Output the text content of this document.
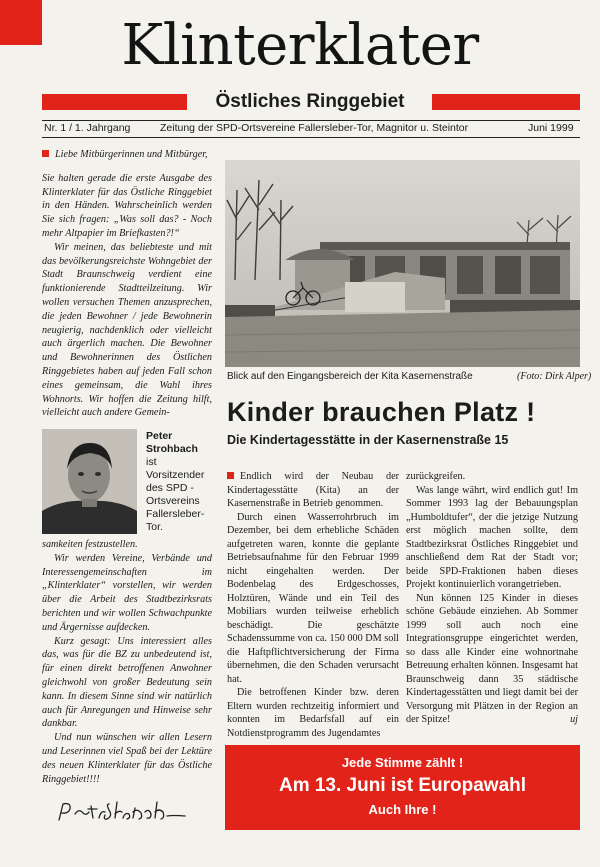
Klinterklater
Östliches Ringgebiet
Nr. 1 / 1. Jahrgang	Zeitung der SPD-Ortsvereine Fallersleber-Tor, Magnitor u. Steintor	Juni 1999

Liebe Mitbürgerinnen und Mitbürger,

Sie halten gerade die erste Ausgabe des Klinterklater für das Östliche Ringgebiet in den Händen. Wahrscheinlich werden Sie sich fragen: „Was soll das? - Noch mehr Altpapier im Briefkasten?!“

Wir meinen, das beliebteste und mit das bevölkerungsreichste Wohngebiet der Stadt Braunschweig verdient eine funktionierende Stadtteilzeitung. Wir wollen versuchen Themen anzusprechen, die jeden Bewohner / jede Bewohnerin neugierig, nachdenklich oder vielleicht auch ärgerlich machen. Die Bewohner und Bewohnerinnen des Östlichen Ringgebietes haben auf jeden Fall schon eines gemeinsam, die Wahl ihres Wohnorts. Wir hoffen die Zeitung hilft, vielleicht auch andere Gemein-

Peter Strohbach
ist Vorsitzender des SPD - Ortsvereins Fallersleber-Tor.

samkeiten festzustellen.

Wir werden Vereine, Verbände und Interessengemeinschaften im „Klinterklater“ vorstellen, wir werden über die Arbeit des Stadtbezirksrats berichten und wir wollen Schwachpunkte und Ärgernisse aufdecken.

Kurz gesagt: Uns interessiert alles das, was für die BZ zu unbedeutend ist, für einen direkt betroffenen Anwohner gleichwohl von großer Bedeutung sein kann. In diesem Sinne sind wir natürlich auch für Anregungen und Hinweise sehr dankbar.

Und nun wünschen wir allen Lesern und Leserinnen viel Spaß bei der Lektüre des neuen Klinterklater für das Östliche Ringgebiet!!!!

Blick auf den Eingangsbereich der Kita Kasernenstraße	(Foto: Dirk Alper)
Kinder brauchen Platz !
Die Kindertagesstätte in der Kasernenstraße 15

Endlich wird der Neubau der Kindertagesstätte (Kita) an der Kasernenstraße in Betrieb genommen.

Durch einen Wasserrohrbruch im Dezember, bei dem erhebliche Schäden aufgetreten waren, konnte die geplante Betriebsaufnahme für den Februar 1999 nicht eingehalten werden. Der Bodenbelag des Erdgeschosses, Holztüren, Wände und ein Teil des Mobiliars wurden teilweise erheblich beschädigt. Die geschätzte Schadenssumme von ca. 150 000 DM soll die Haftpflichtversicherung der Firma übernehmen, die den Schaden verursacht hat.

Die betroffenen Kinder bzw. deren Eltern wurden rechtzeitig informiert und konnten im Bedarfsfall auf ein Notdienstprogramm des Jugendamtes

zurückgreifen.

Was lange währt, wird endlich gut! Im Sommer 1993 lag der Bebauungsplan „Humboldtufer“, der die jetzige Nutzung erst möglich machen sollte, dem Stadtbezirksrat Östliches Ringgebiet und anschließend dem Rat der Stadt vor; beide SPD-Fraktionen haben dieses Projekt kontinuierlich vorangetrieben.

Nun können 125 Kinder in dieses schöne Gebäude einziehen. Ab Sommer 1999 soll auch noch eine Integrationsgruppe eingerichtet werden, so dass alle Kinder eine wohnortnahe Betreuung erhalten können. Insgesamt hat Braunschweig dann 35 städtische Kindertagesstätten und liegt damit bei der Versorgung mit Plätzen in der Region an der Spitze!	uj

Jede Stimme zählt !
Am 13. Juni ist Europawahl
Auch Ihre !
